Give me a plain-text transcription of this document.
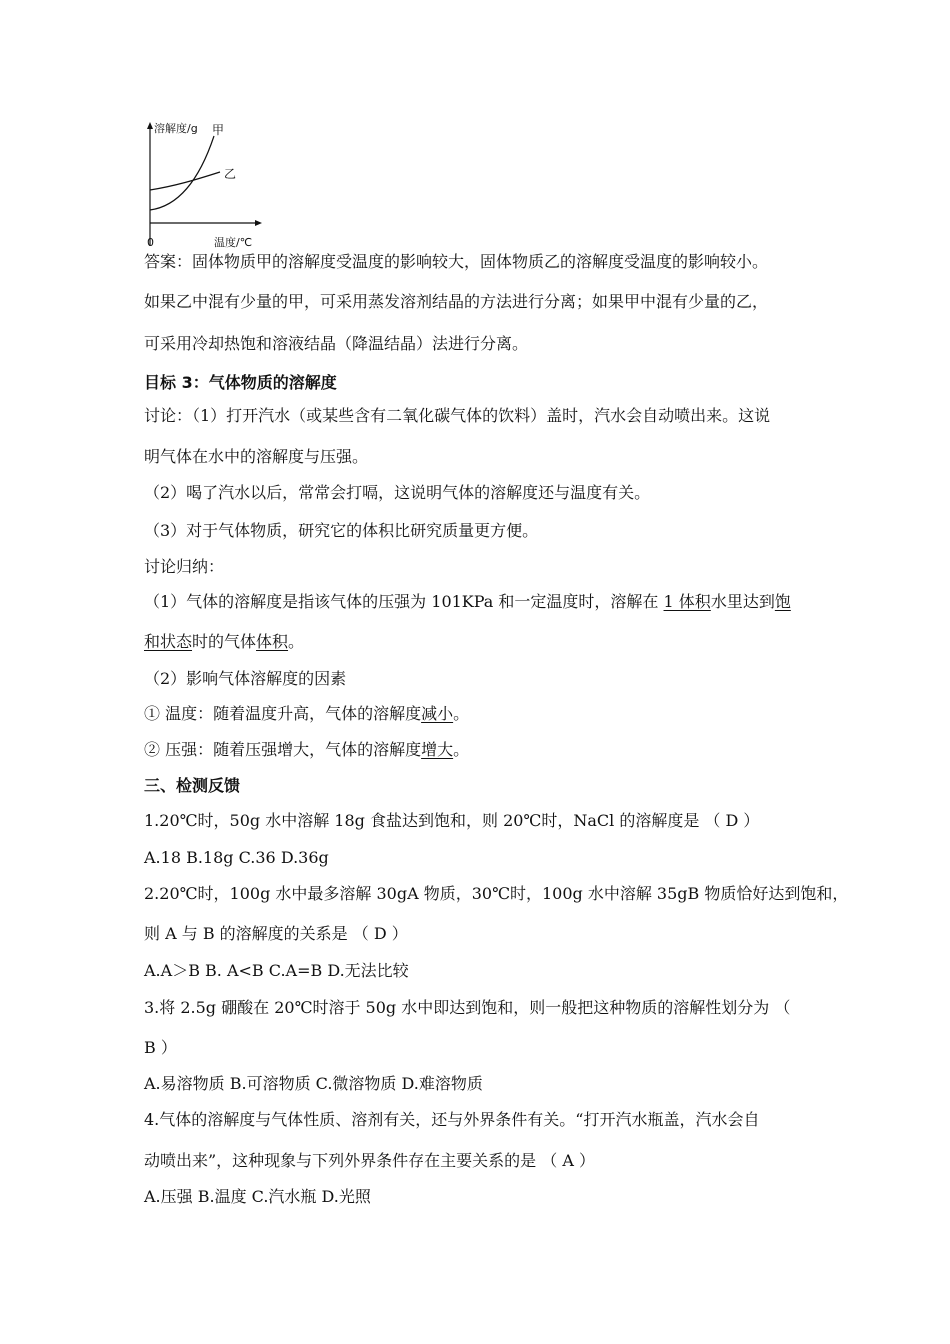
溶解度/g 甲
乙
0	温度/℃
答案：固体物质甲的溶解度受温度的影响较大，固体物质乙的溶解度受温度的影响较小。
如果乙中混有少量的甲，可采用蒸发溶剂结晶的方法进行分离；如果甲中混有少量的乙，
可采用冷却热饱和溶液结晶（降温结晶）法进行分离。
目标 3：气体物质的溶解度
讨论：（1）打开汽水（或某些含有二氧化碳气体的饮料）盖时，汽水会自动喷出来。这说
明气体在水中的溶解度与压强。
（2）喝了汽水以后，常常会打嗝，这说明气体的溶解度还与温度有关。
（3）对于气体物质，研究它的体积比研究质量更方便。
讨论归纳：
（1）气体的溶解度是指该气体的压强为 101KPa 和一定温度时，溶解在 1 体积水里达到饱
和状态时的气体体积。
（2）影响气体溶解度的因素
① 温度：随着温度升高，气体的溶解度减小。
② 压强：随着压强增大，气体的溶解度增大。
三、检测反馈
1.20℃时，50g 水中溶解 18g 食盐达到饱和，则 20℃时，NaCl 的溶解度是 （ D ）
A.18 B.18g C.36 D.36g
2.20℃时，100g 水中最多溶解 30gA 物质，30℃时，100g 水中溶解 35gB 物质恰好达到饱和，
则 A 与 B 的溶解度的关系是 （ D ）
A.A＞B B. A<B C.A=B D.无法比较
3.将 2.5g 硼酸在 20℃时溶于 50g 水中即达到饱和，则一般把这种物质的溶解性划分为 （
B ）
A.易溶物质 B.可溶物质 C.微溶物质 D.难溶物质
4.气体的溶解度与气体性质、溶剂有关，还与外界条件有关。“打开汽水瓶盖，汽水会自
动喷出来”，这种现象与下列外界条件存在主要关系的是 （ A ）
A.压强 B.温度 C.汽水瓶 D.光照
